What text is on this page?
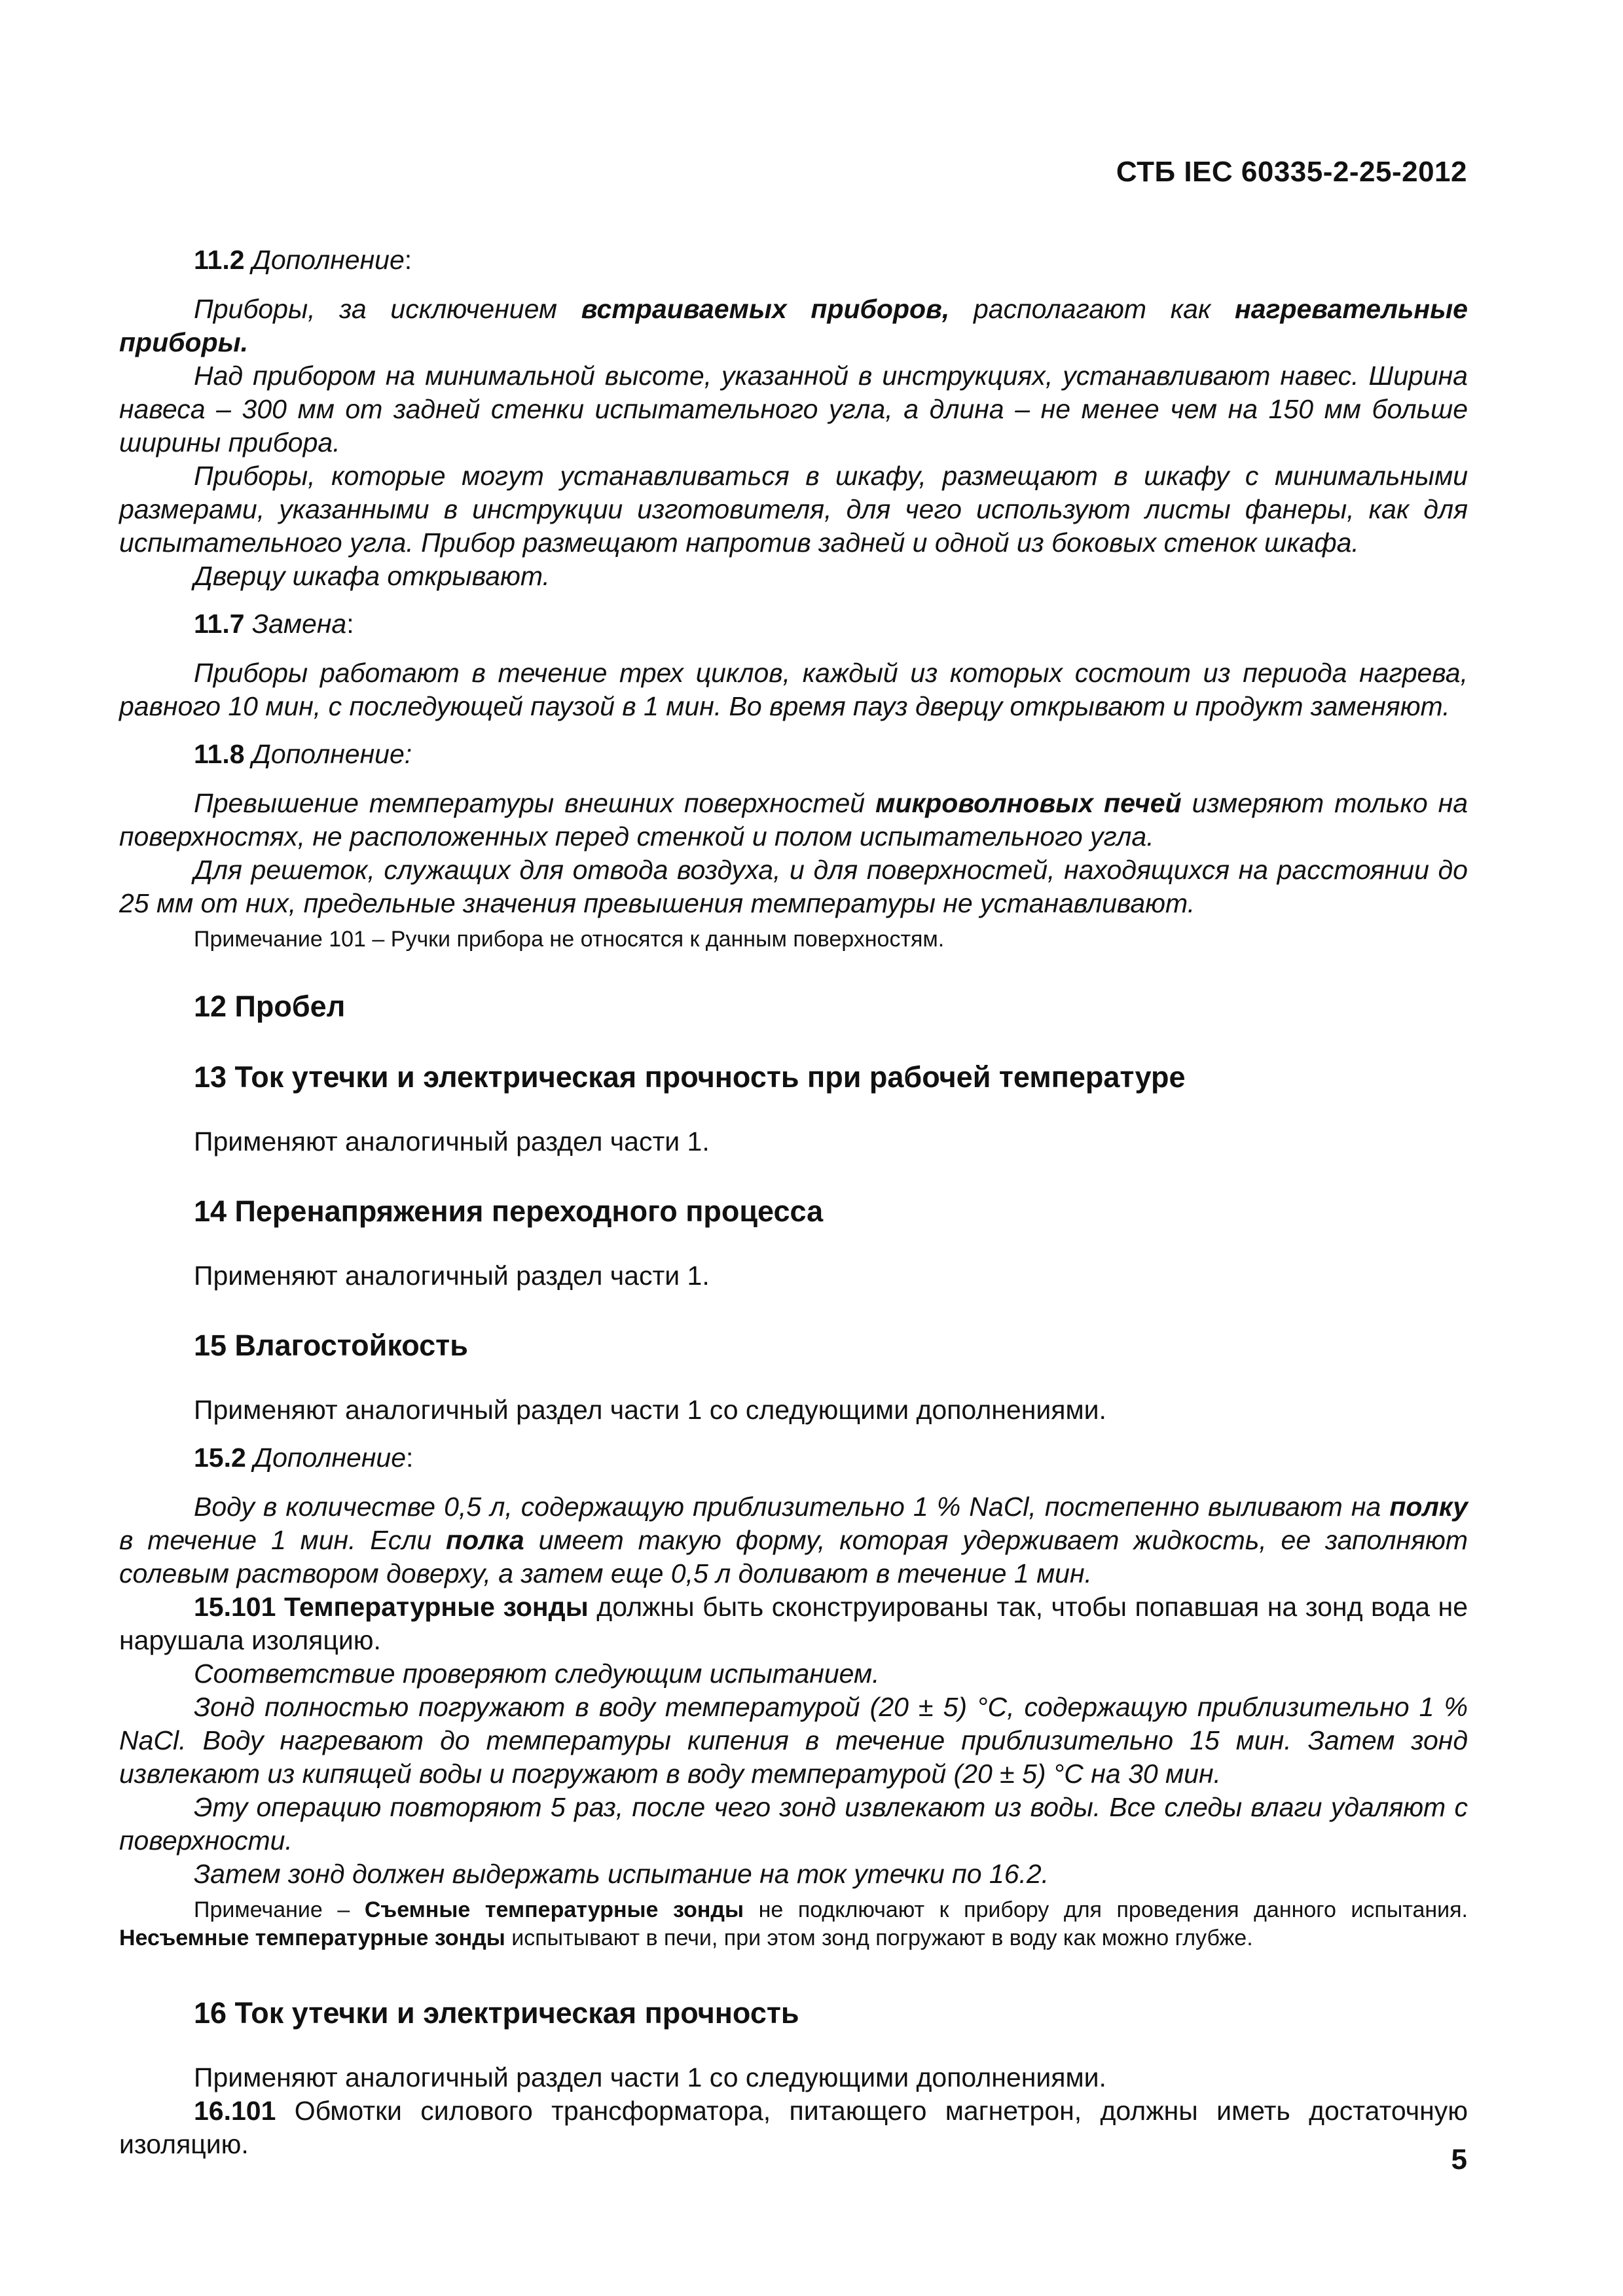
СТБ IEC 60335-2-25-2012

11.2 Дополнение:

Приборы, за исключением встраиваемых приборов, располагают как нагревательные приборы.

Над прибором на минимальной высоте, указанной в инструкциях, устанавливают навес. Ширина навеса – 300 мм от задней стенки испытательного угла, а длина – не менее чем на 150 мм больше ширины прибора.

Приборы, которые могут устанавливаться в шкафу, размещают в шкафу с минимальными размерами, указанными в инструкции изготовителя, для чего используют листы фанеры, как для испытательного угла. Прибор размещают напротив задней и одной из боковых стенок шкафа.

Дверцу шкафа открывают.

11.7 Замена:

Приборы работают в течение трех циклов, каждый из которых состоит из периода нагрева, равного 10 мин, с последующей паузой в 1 мин. Во время пауз дверцу открывают и продукт заменяют.

11.8 Дополнение:

Превышение температуры внешних поверхностей микроволновых печей измеряют только на поверхностях, не расположенных перед стенкой и полом испытательного угла.

Для решеток, служащих для отвода воздуха, и для поверхностей, находящихся на расстоянии до 25 мм от них, предельные значения превышения температуры не устанавливают.

Примечание 101 – Ручки прибора не относятся к данным поверхностям.

12 Пробел
13 Ток утечки и электрическая прочность при рабочей температуре

Применяют аналогичный раздел части 1.

14 Перенапряжения переходного процесса

Применяют аналогичный раздел части 1.

15 Влагостойкость

Применяют аналогичный раздел части 1 со следующими дополнениями.

15.2 Дополнение:

Воду в количестве 0,5 л, содержащую приблизительно 1 % NaCl, постепенно выливают на полку в течение 1 мин. Если полка имеет такую форму, которая удерживает жидкость, ее заполняют солевым раствором доверху, а затем еще 0,5 л доливают в течение 1 мин.

15.101 Температурные зонды должны быть сконструированы так, чтобы попавшая на зонд вода не нарушала изоляцию.

Соответствие проверяют следующим испытанием.

Зонд полностью погружают в воду температурой (20 ± 5) °С, содержащую приблизительно 1 % NaCl. Воду нагревают до температуры кипения в течение приблизительно 15 мин. Затем зонд извлекают из кипящей воды и погружают в воду температурой (20 ± 5) °С на 30 мин.

Эту операцию повторяют 5 раз, после чего зонд извлекают из воды. Все следы влаги удаляют с поверхности.

Затем зонд должен выдержать испытание на ток утечки по 16.2.

Примечание – Съемные температурные зонды не подключают к прибору для проведения данного испытания. Несъемные температурные зонды испытывают в печи, при этом зонд погружают в воду как можно глубже.

16 Ток утечки и электрическая прочность

Применяют аналогичный раздел части 1 со следующими дополнениями.

16.101 Обмотки силового трансформатора, питающего магнетрон, должны иметь достаточную изоляцию.	5
